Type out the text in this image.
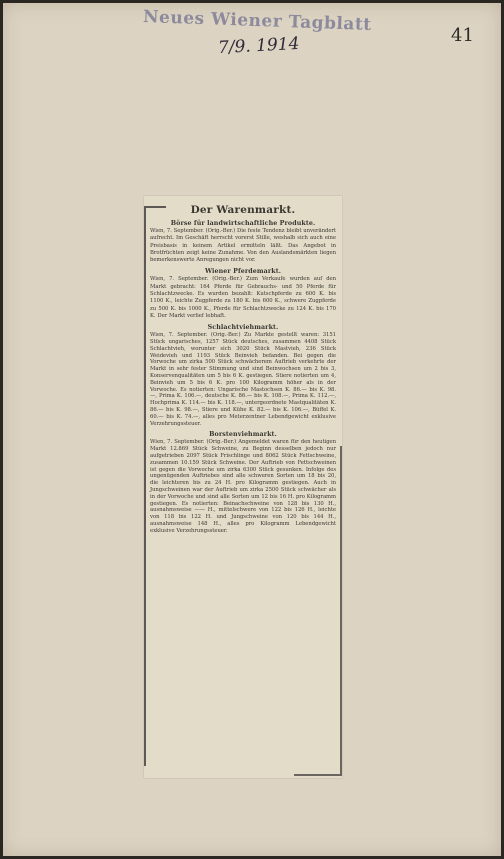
Neues Wiener Tagblatt
7/9. 1914	41
Der Warenmarkt.
Börse für landwirtschaftliche Produkte.

Wien, 7. September. (Orig.-Ber.) Die feste Tendenz bleibt unverändert aufrecht. Im Geschäft herrscht vorerst Stille, weshalb sich auch eine Preisbasis in keinem Artikel ermitteln läßt. Das Angebot in Brotfrüchten zeigt keine Zunahme. Von den Auslandsmärkten liegen bemerkenswerte Anregungen nicht vor.

Wiener Pferdemarkt.

Wien, 7. September. (Orig.-Ber.) Zum Verkaufe wurden auf den Markt gebracht: 164 Pferde für Gebrauchs- und 50 Pferde für Schlachtzwecke. Es wurden bezahlt: Kutschpferde zu 600 K. bis 1100 K., leichte Zugpferde zu 180 K. bis 600 K., schwere Zugpferde zu 500 K. bis 1000 K., Pferde für Schlachtzwecke zu 124 K. bis 170 K. Der Markt verlief lebhaft.

Schlachtviehmarkt.

Wien, 7. September. (Orig.-Ber.) Zu Markte gestellt waren: 3151 Stück ungarisches, 1257 Stück deutsches, zusammen 4408 Stück Schlachtvieh, worunter sich 3020 Stück Mastvieh, 236 Stück Weidevieh und 1193 Stück Beinvieh befanden. Bei gegen die Vorwoche um zirka 500 Stück schwächerem Auftrieb verkehrte der Markt in sehr fester Stimmung und sind Beinwochsen um 2 bis 3, Konservenqualitäten um 5 bis 6 K. gestiegen. Stiere notierten um 4, Beinvieh um 5 bis 6 K. pro 100 Kilogramm höher als in der Vorwoche. Es notierten: Ungarische Mastochsen K. 86.— bis K. 98.—, Prima K. 106.—, deutsche K. 86.— bis K. 108.—, Prima K. 112.—, Hochprima K. 114.— bis K. 118.—, untergeordnete Mastqualitäten K. 86.— bis K. 98.—, Stiere und Kühe K. 82.— bis K. 106.—, Büffel K. 60.— bis K. 74.—, alles pro Meterzentner Lebendgewicht exklusive Verzehrungssteuer.

Borstenviehmarkt.

Wien, 7. September. (Orig.-Ber.) Angemeldet waren für den heutigen Markt 12.869 Stück Schweine, zu Beginn desselben jedoch nur aufgetrieben 2097 Stück Frischlinge und 8062 Stück Fettschweine, zusammen 10.159 Stück Schweine. Der Auftrieb von Fettschweinen ist gegen die Vorwoche um zirka 6300 Stück gesunken. Infolge des ungenügenden Auftriebes sind alle schweren Sorten um 18 bis 20, die leichteren bis zu 24 H. pro Kilogramm gestiegen. Auch in Jungschweinen war der Auftrieb um zirka 2500 Stück schwächer als in der Vorwoche und sind alle Sorten um 12 bis 16 H. pro Kilogramm gestiegen. Es notierten: Beinachschweine von 128 bis 130 H., ausnahmsweise —— H., mittelschwere von 122 bis 126 H., leichte von 118 bis 122 H. und Jungschweine von 120 bis 144 H., ausnahmsweise 148 H., alles pro Kilogramm Lebendgewicht exklusive Verzehrungssteuer.
